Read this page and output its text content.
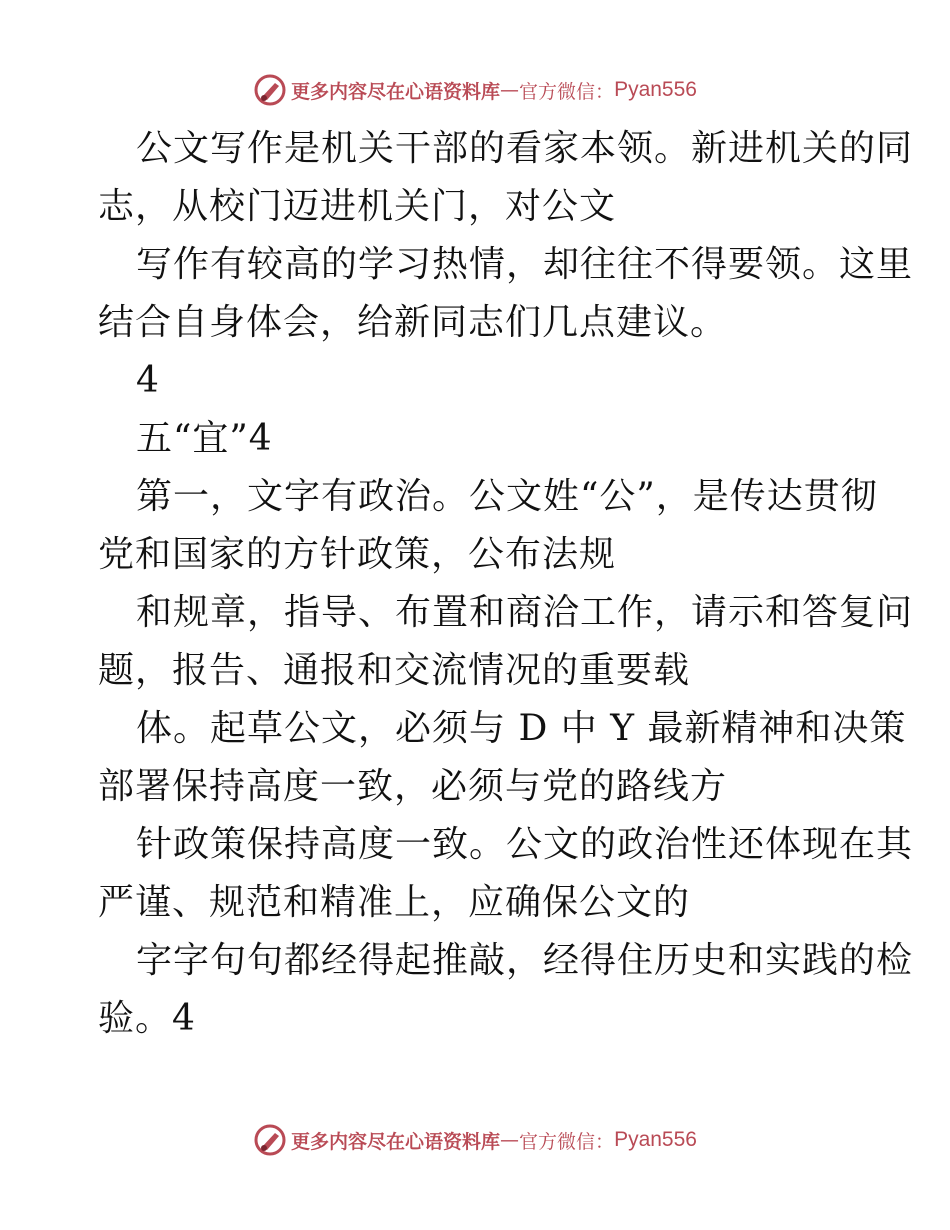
更多内容尽在心语资料库 — 官方微信： Pyan556
公文写作是机关干部的看家本领。新进机关的同
志，从校门迈进机关门，对公文
写作有较高的学习热情，却往往不得要领。这里
结合自身体会，给新同志们几点建议。
4
五“宜”4
第一，文字有政治。公文姓“公”，是传达贯彻
党和国家的方针政策，公布法规
和规章，指导、布置和商洽工作，请示和答复问
题，报告、通报和交流情况的重要载
体。起草公文，必须与 D 中 Y 最新精神和决策
部署保持高度一致，必须与党的路线方
针政策保持高度一致。公文的政治性还体现在其
严谨、规范和精准上，应确保公文的
字字句句都经得起推敲，经得住历史和实践的检
验。4
更多内容尽在心语资料库 — 官方微信： Pyan556
